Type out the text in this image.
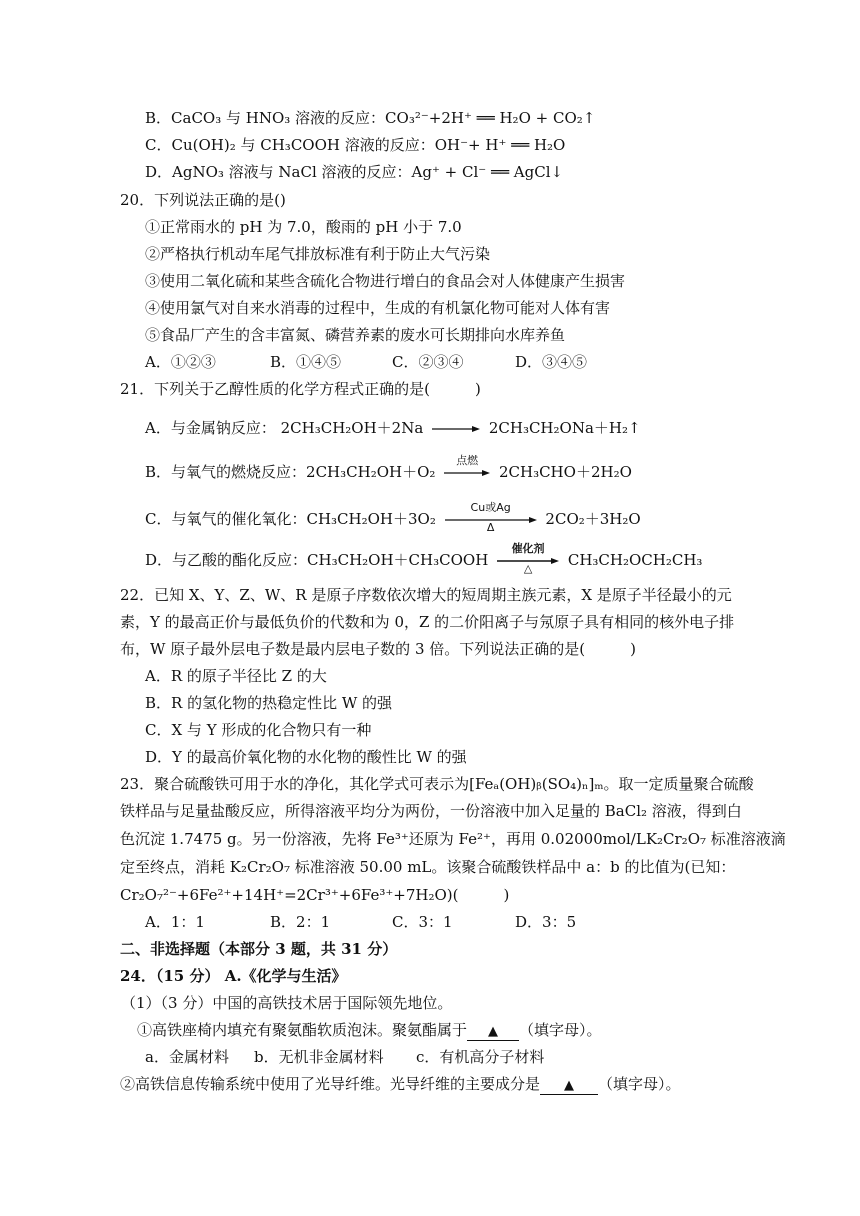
B．CaCO₃ 与 HNO₃ 溶液的反应：CO₃²⁻+2H⁺ ══ H₂O + CO₂↑
C．Cu(OH)₂ 与 CH₃COOH 溶液的反应：OH⁻+ H⁺ ══ H₂O
D．AgNO₃ 溶液与 NaCl 溶液的反应：Ag⁺ + Cl⁻ ══ AgCl↓
20．下列说法正确的是()
①正常雨水的 pH 为 7.0，酸雨的 pH 小于 7.0
②严格执行机动车尾气排放标准有利于防止大气污染
③使用二氧化硫和某些含硫化合物进行增白的食品会对人体健康产生损害
④使用氯气对自来水消毒的过程中，生成的有机氯化物可能对人体有害
⑤食品厂产生的含丰富氮、磷营养素的废水可长期排向水库养鱼
A．①②③	B．①④⑤	C．②③④	D．③④⑤
21．下列关于乙醇性质的化学方程式正确的是(　　　)
A．与金属钠反应： 2CH₃CH₂OH＋2Na → 2CH₃CH₂ONa＋H₂↑
B．与氧气的燃烧反应：2CH₃CH₂OH＋O₂
点燃
2CH₃CHO＋2H₂O
C．与氧气的催化氧化：CH₃CH₂OH＋3O₂
Cu或Ag
Δ	2CO₂＋3H₂O
D．与乙酸的酯化反应：CH₃CH₂OH＋CH₃COOH
催化剂
△	CH₃CH₂OCH₂CH₃
22．已知 X、Y、Z、W、R 是原子序数依次增大的短周期主族元素，X 是原子半径最小的元
素，Y 的最高正价与最低负价的代数和为 0，Z 的二价阳离子与氖原子具有相同的核外电子排
布，W 原子最外层电子数是最内层电子数的 3 倍。下列说法正确的是(　　　)
A．R 的原子半径比 Z 的大
B．R 的氢化物的热稳定性比 W 的强
C．X 与 Y 形成的化合物只有一种
D．Y 的最高价氧化物的水化物的酸性比 W 的强
23．聚合硫酸铁可用于水的净化，其化学式可表示为[Feₐ(OH)ᵦ(SO₄)ₙ]ₘ。取一定质量聚合硫酸
铁样品与足量盐酸反应，所得溶液平均分为两份，一份溶液中加入足量的 BaCl₂ 溶液，得到白
色沉淀 1.7475 g。另一份溶液，先将 Fe³⁺还原为 Fe²⁺，再用 0.02000mol/LK₂Cr₂O₇ 标准溶液滴
定至终点，消耗 K₂Cr₂O₇ 标准溶液 50.00 mL。该聚合硫酸铁样品中 a：b 的比值为(已知：
Cr₂O₇²⁻+6Fe²⁺+14H⁺=2Cr³⁺+6Fe³⁺+7H₂O)(　　　)
A．1：1	B．2：1	C．3：1	D．3：5
二、非选择题（本部分 3 题，共 31 分）
24．（15 分） A.《化学与生活》
（1）（3 分）中国的高铁技术居于国际领先地位。
①高铁座椅内填充有聚氨酯软质泡沫。聚氨酯属于 ▲ （填字母）。
a．金属材料 b．无机非金属材料 c．有机高分子材料
②高铁信息传输系统中使用了光导纤维。光导纤维的主要成分是 ▲ （填字母）。
